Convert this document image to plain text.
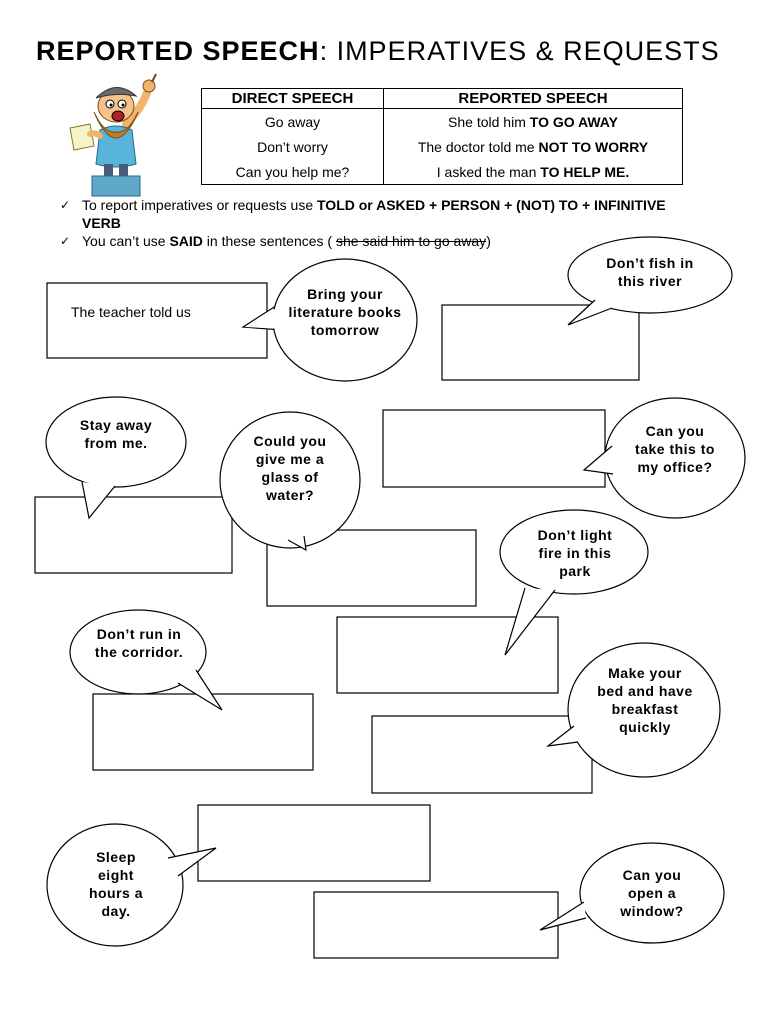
REPORTED SPEECH: IMPERATIVES & REQUESTS
DIRECT SPEECH	REPORTED SPEECH
Go away	She told him TO GO AWAY
Don’t worry	The doctor told me NOT TO WORRY
Can you help me?	I asked the man TO HELP ME.
✓ To report imperatives or requests use TOLD or ASKED + PERSON + (NOT) TO + INFINITIVE VERB
✓ You can’t use SAID in these sentences ( she said him to go away)
The teacher told us
Bring your literature books tomorrow
Don’t fish in this river
Stay away from me.	Could you give me a glass of water?
Can you take this to my office?
Don’t light fire in this park
Don’t run in the corridor.
Make your bed and have breakfast quickly
Sleep eight hours a day.
Can you open a window?
